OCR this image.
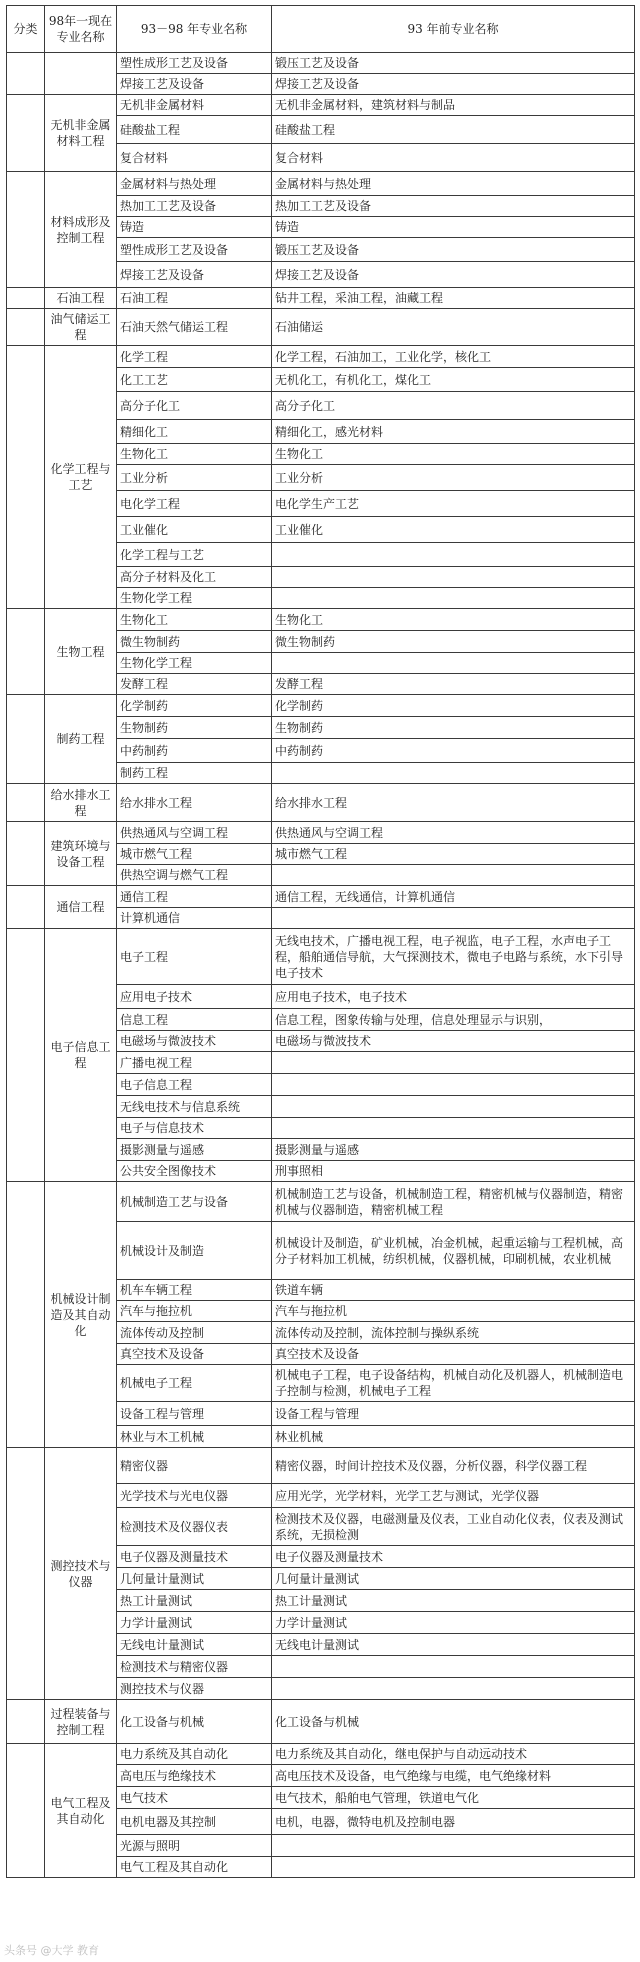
分类	98年一现在专业名称	93－98 年专业名称	93 年前专业名称
		塑性成形工艺及设备	锻压工艺及设备
		焊接工艺及设备	焊接工艺及设备
	无机非金属材料工程	无机非金属材料	无机非金属材料，建筑材料与制品
		硅酸盐工程	硅酸盐工程
		复合材料	复合材料
	材料成形及控制工程	金属材料与热处理	金属材料与热处理
		热加工工艺及设备	热加工工艺及设备
		铸造	铸造
		塑性成形工艺及设备	锻压工艺及设备
		焊接工艺及设备	焊接工艺及设备
	石油工程	石油工程	钻井工程，采油工程，油藏工程
	油气储运工程	石油天然气储运工程	石油储运
	化学工程与工艺	化学工程	化学工程，石油加工，工业化学，核化工
		化工工艺	无机化工，有机化工，煤化工
		高分子化工	高分子化工
		精细化工	精细化工，感光材料
		生物化工	生物化工
		工业分析	工业分析
		电化学工程	电化学生产工艺
		工业催化	工业催化
		化学工程与工艺	
		高分子材料及化工	
		生物化学工程	
	生物工程	生物化工	生物化工
		微生物制药	微生物制药
		生物化学工程	
		发酵工程	发酵工程
	制药工程	化学制药	化学制药
		生物制药	生物制药
		中药制药	中药制药
		制药工程	
	给水排水工程	给水排水工程	给水排水工程
	建筑环境与设备工程	供热通风与空调工程	供热通风与空调工程
		城市燃气工程	城市燃气工程
		供热空调与燃气工程	
	通信工程	通信工程	通信工程，无线通信，计算机通信
		计算机通信	
	电子信息工程	电子工程	无线电技术，广播电视工程，电子视监，电子工程，水声电子工程，船舶通信导航，大气探测技术，微电子电路与系统，水下引导电子技术
		应用电子技术	应用电子技术，电子技术
		信息工程	信息工程，图象传输与处理，信息处理显示与识别，
		电磁场与微波技术	电磁场与微波技术
		广播电视工程	
		电子信息工程	
		无线电技术与信息系统	
		电子与信息技术	
		摄影测量与遥感	摄影测量与遥感
		公共安全图像技术	刑事照相
	机械设计制造及其自动化	机械制造工艺与设备	机械制造工艺与设备，机械制造工程，精密机械与仪器制造，精密机械与仪器制造，精密机械工程
		机械设计及制造	机械设计及制造，矿业机械，冶金机械，起重运输与工程机械，高分子材料加工机械，纺织机械，仪器机械，印刷机械，农业机械
		机车车辆工程	铁道车辆
		汽车与拖拉机	汽车与拖拉机
		流体传动及控制	流体传动及控制，流体控制与操纵系统
		真空技术及设备	真空技术及设备
		机械电子工程	机械电子工程，电子设备结构，机械自动化及机器人，机械制造电子控制与检测，机械电子工程
		设备工程与管理	设备工程与管理
		林业与木工机械	林业机械
	测控技术与仪器	精密仪器	精密仪器，时间计控技术及仪器，分析仪器，科学仪器工程
		光学技术与光电仪器	应用光学，光学材料，光学工艺与测试，光学仪器
		检测技术及仪器仪表	检测技术及仪器，电磁测量及仪表，工业自动化仪表，仪表及测试系统，无损检测
		电子仪器及测量技术	电子仪器及测量技术
		几何量计量测试	几何量计量测试
		热工计量测试	热工计量测试
		力学计量测试	力学计量测试
		无线电计量测试	无线电计量测试
		检测技术与精密仪器	
		测控技术与仪器	
	过程装备与控制工程	化工设备与机械	化工设备与机械
	电气工程及其自动化	电力系统及其自动化	电力系统及其自动化，继电保护与自动远动技术
		高电压与绝缘技术	高电压技术及设备，电气绝缘与电缆，电气绝缘材料
		电气技术	电气技术，船舶电气管理，铁道电气化
		电机电器及其控制	电机，电器，微特电机及控制电器
		光源与照明	
		电气工程及其自动化	
头条号 @大学 教育
